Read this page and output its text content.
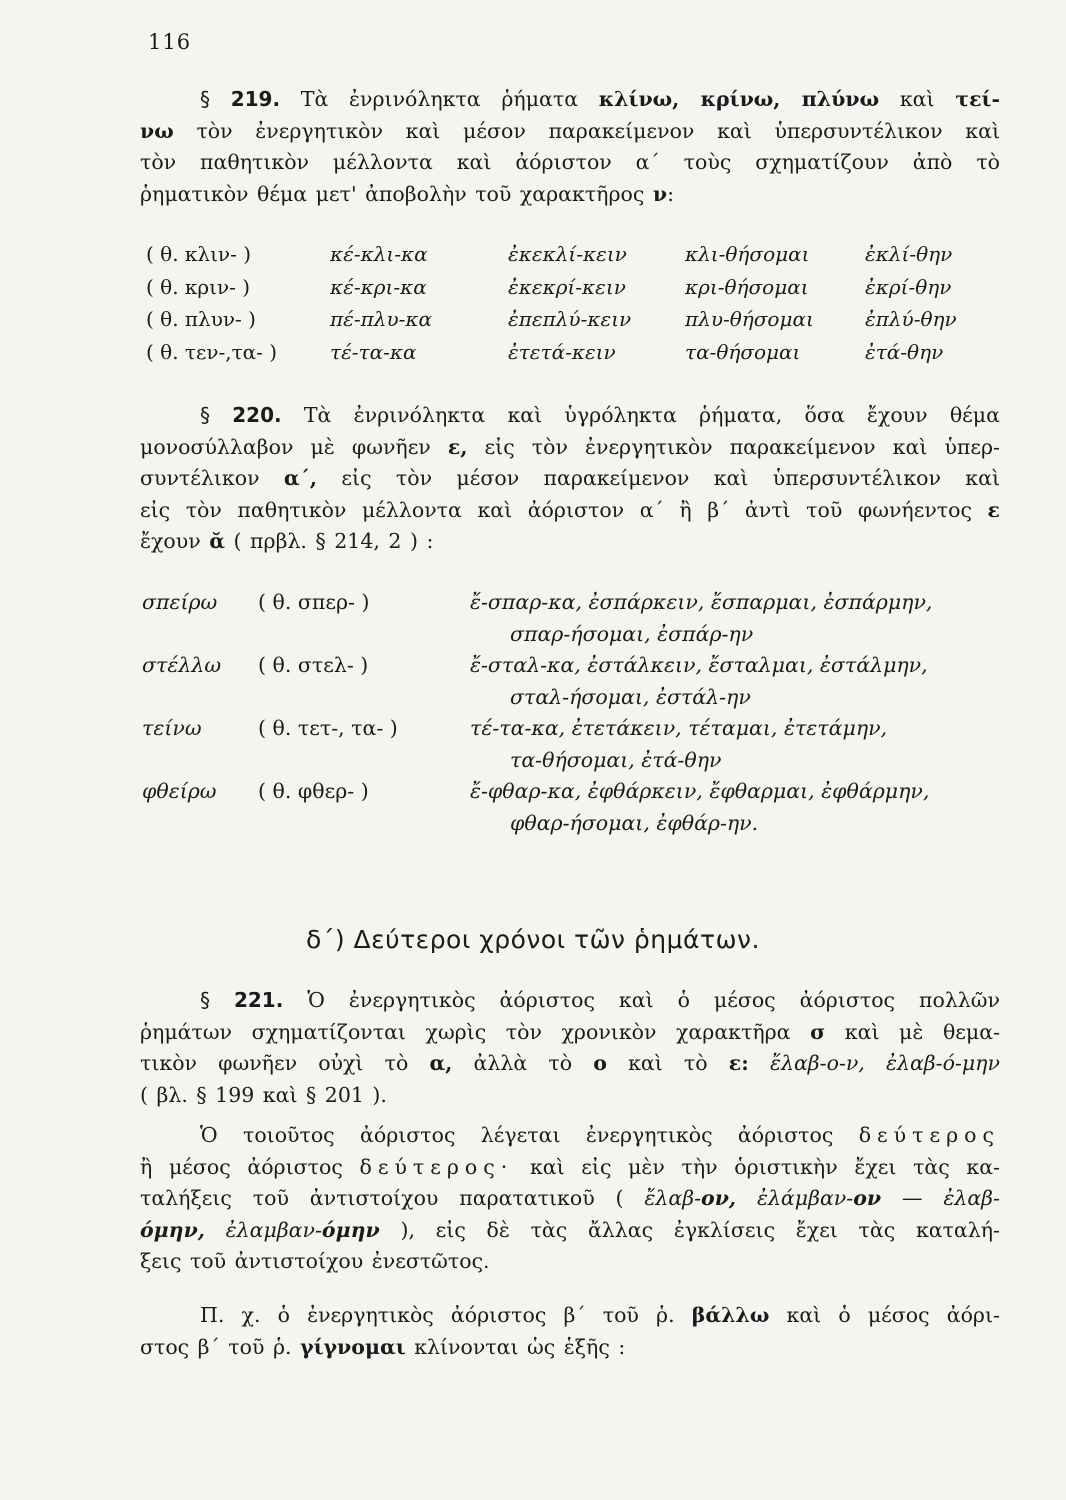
116
§ 219. Τὰ ἐνρινόληκτα ῥήματα κλίνω, κρίνω, πλύνω καὶ τεί-
νω τὸν ἐνεργητικὸν καὶ μέσον παρακείμενον καὶ ὑπερσυντέλικον καὶ
τὸν παθητικὸν μέλλοντα καὶ ἀόριστον α΄ τοὺς σχηματίζουν ἀπὸ τὸ

ῥηματικὸν θέμα μετ' ἀποβολὴν τοῦ χαρακτῆρος ν:
( θ. κλιν- )	κέ-κλι-κα	ἐκεκλί-κειν	κλι-θήσομαι	ἐκλί-θην
( θ. κριν- )	κέ-κρι-κα	ἐκεκρί-κειν	κρι-θήσομαι	ἐκρί-θην
( θ. πλυν- )	πέ-πλυ-κα	ἐπεπλύ-κειν	πλυ-θήσομαι	ἐπλύ-θην
( θ. τεν-,τα- )	τέ-τα-κα	ἐτετά-κειν	τα-θήσομαι	ἐτά-θην
§ 220. Τὰ ἐνρινόληκτα καὶ ὑγρόληκτα ῥήματα, ὅσα ἔχουν θέμα
μονοσύλλαβον μὲ φωνῆεν ε, εἰς τὸν ἐνεργητικὸν παρακείμενον καὶ ὑπερ-
συντέλικον α΄, εἰς τὸν μέσον παρακείμενον καὶ ὑπερσυντέλικον καὶ
εἰς τὸν παθητικὸν μέλλοντα καὶ ἀόριστον α΄ ἢ β΄ ἀντὶ τοῦ φωνήεντος ε

ἔχουν ᾰ ( πρβλ. § 214, 2 ) :
σπείρω ( θ. σπερ- )	ἔ-σπαρ-κα, ἐσπάρκειν, ἔσπαρμαι, ἐσπάρμην,
σπαρ-ήσομαι, ἐσπάρ-ην
στέλλω ( θ. στελ- )	ἔ-σταλ-κα, ἐστάλκειν, ἔσταλμαι, ἐστάλμην,
σταλ-ήσομαι, ἐστάλ-ην
τείνω	( θ. τετ-, τα- )	τέ-τα-κα, ἐτετάκειν, τέταμαι, ἐτετάμην,
τα-θήσομαι, ἐτά-θην
φθείρω ( θ. φθερ- )	ἔ-φθαρ-κα, ἐφθάρκειν, ἔφθαρμαι, ἐφθάρμην,
φθαρ-ήσομαι, ἐφθάρ-ην.
δ΄) Δεύτεροι χρόνοι τῶν ῥημάτων.
§ 221. Ὁ ἐνεργητικὸς ἀόριστος καὶ ὁ μέσος ἀόριστος πολλῶν
ῥημάτων σχηματίζονται χωρὶς τὸν χρονικὸν χαρακτῆρα σ καὶ μὲ θεμα-
τικὸν φωνῆεν οὐχὶ τὸ α, ἀλλὰ τὸ ο καὶ τὸ ε: ἔλαβ-ο-ν, ἐλαβ-ό-μην

( βλ. § 199 καὶ § 201 ).
Ὁ τοιοῦτος ἀόριστος λέγεται ἐνεργητικὸς ἀόριστος δεύτερος
ἢ μέσος ἀόριστος δεύτερος· καὶ εἰς μὲν τὴν ὁριστικὴν ἔχει τὰς κα-
ταλήξεις τοῦ ἀντιστοίχου παρατατικοῦ ( ἔλαβ-ον, ἐλάμβαν-ον — ἐλαβ-
όμην, ἐλαμβαν-όμην ), εἰς δὲ τὰς ἄλλας ἐγκλίσεις ἔχει τὰς καταλή-

ξεις τοῦ ἀντιστοίχου ἐνεστῶτος.
Π. χ. ὁ ἐνεργητικὸς ἀόριστος β΄ τοῦ ῥ. βάλλω καὶ ὁ μέσος ἀόρι-

στος β΄ τοῦ ῥ. γίγνομαι κλίνονται ὡς ἑξῆς :
